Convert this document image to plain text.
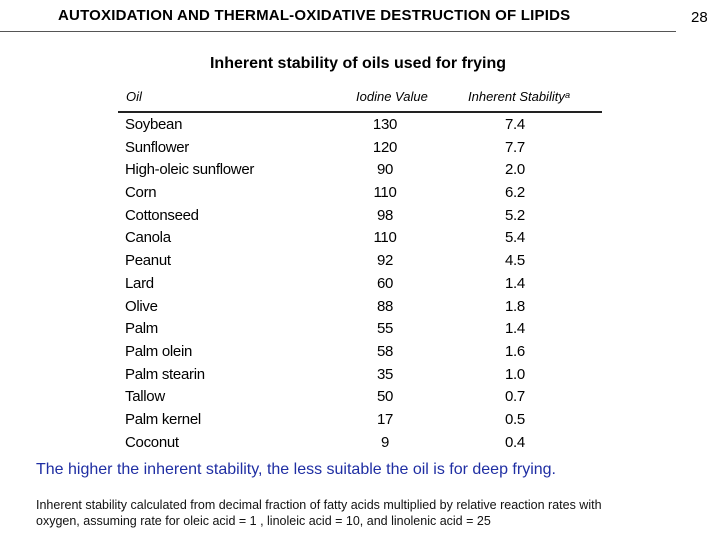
AUTOXIDATION AND THERMAL-OXIDATIVE DESTRUCTION OF LIPIDS	28
Inherent stability of oils used for frying
Oil	Iodine Value	Inherent Stabilityᵃ
Soybean	130	7.4
Sunflower	120	7.7
High-oleic sunflower	90	2.0
Corn	110	6.2
Cottonseed	98	5.2
Canola	110	5.4
Peanut	92	4.5
Lard	60	1.4
Olive	88	1.8
Palm	55	1.4
Palm olein	58	1.6
Palm stearin	35	1.0
Tallow	50	0.7
Palm kernel	17	0.5
Coconut	9	0.4
The higher the inherent stability, the less suitable the oil is for deep frying.
Inherent stability calculated from decimal fraction of fatty acids multiplied by relative reaction rates with
oxygen, assuming rate for oleic acid = 1 , linoleic acid = 10, and linolenic acid = 25
